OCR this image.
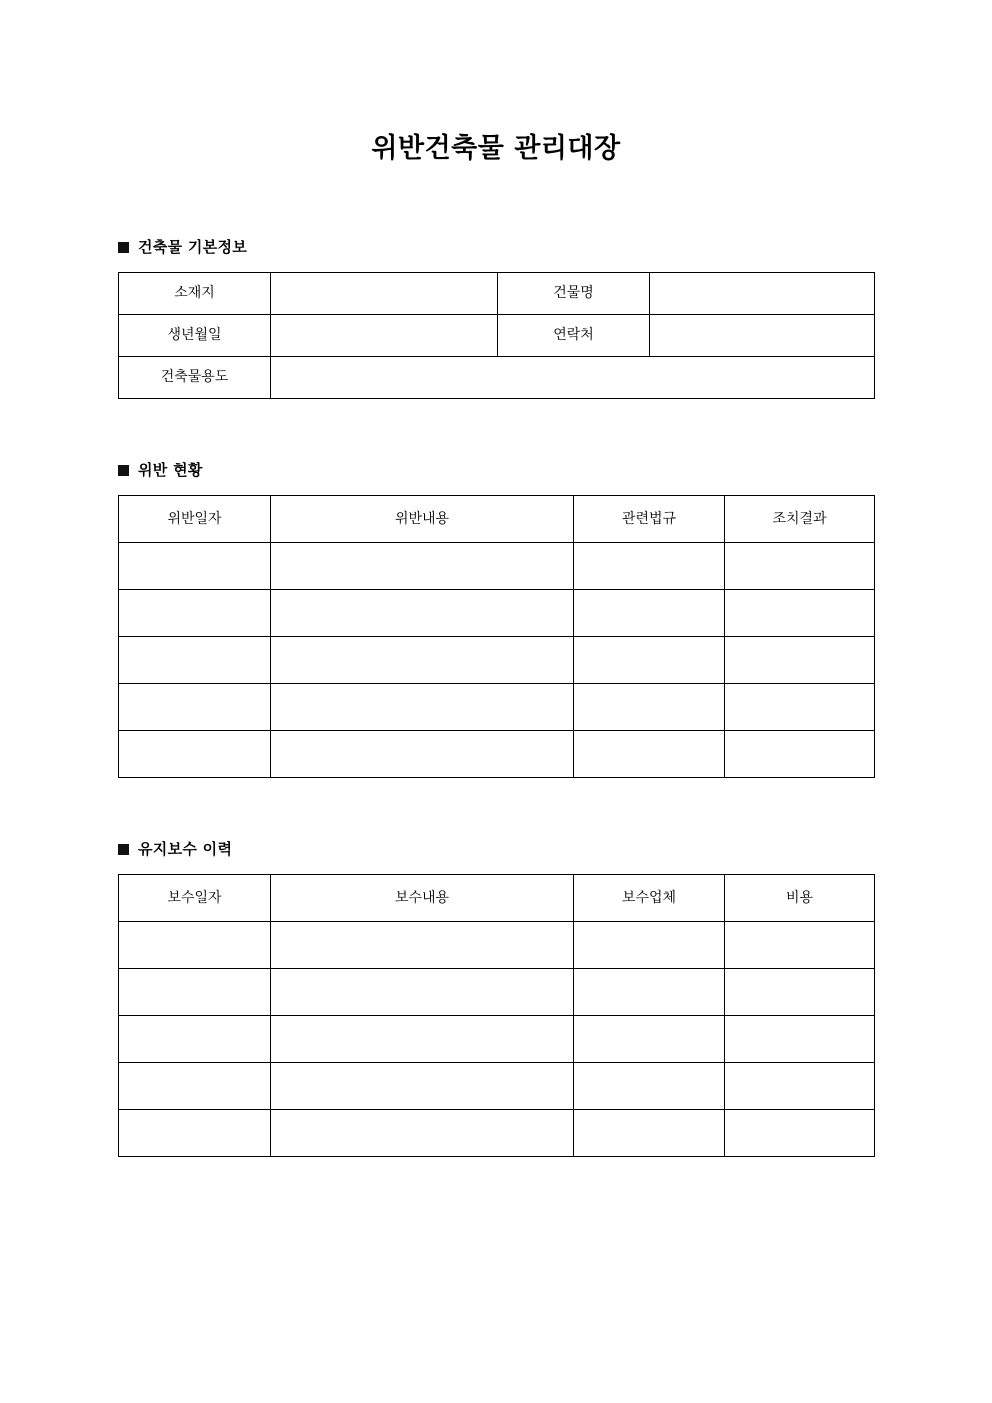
위반건축물 관리대장
건축물 기본정보
소재지		건물명	
생년월일		연락처	
건축물용도			
위반 현황
위반일자	위반내용	관련법규	조치결과

유지보수 이력
보수일자	보수내용	보수업체	비용
